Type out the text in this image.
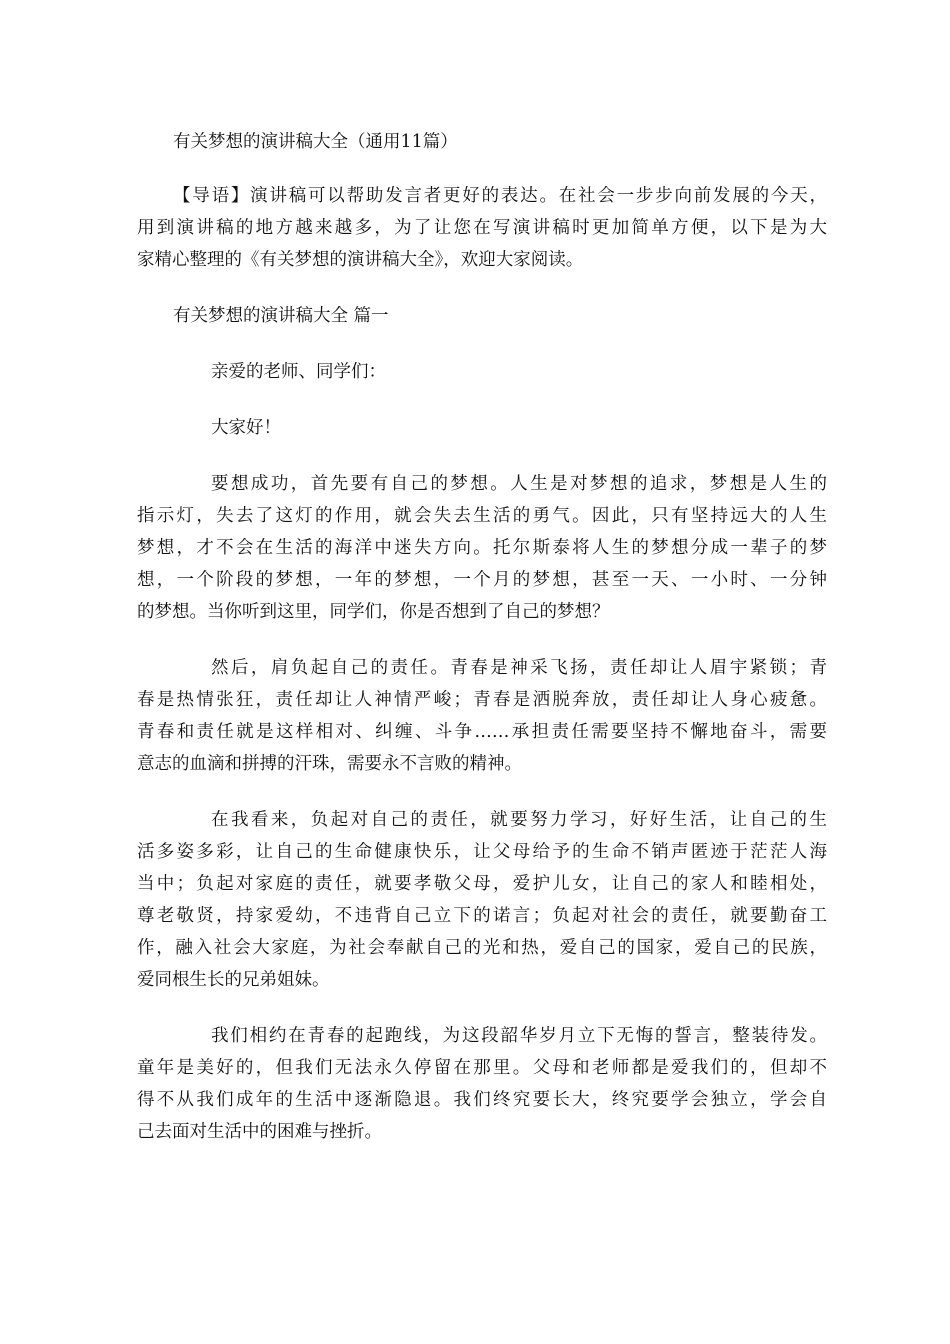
有关梦想的演讲稿大全（通用11篇）

【导语】演讲稿可以帮助发言者更好的表达。在社会一步步向前发展的今天，

用到演讲稿的地方越来越多，为了让您在写演讲稿时更加简单方便，以下是为大

家精心整理的《有关梦想的演讲稿大全》，欢迎大家阅读。

有关梦想的演讲稿大全 篇一

亲爱的老师、同学们：

大家好！

要想成功，首先要有自己的梦想。人生是对梦想的追求，梦想是人生的

指示灯，失去了这灯的作用，就会失去生活的勇气。因此，只有坚持远大的人生

梦想，才不会在生活的海洋中迷失方向。托尔斯泰将人生的梦想分成一辈子的梦

想，一个阶段的梦想，一年的梦想，一个月的梦想，甚至一天、一小时、一分钟

的梦想。当你听到这里，同学们，你是否想到了自己的梦想？

然后，肩负起自己的责任。青春是神采飞扬，责任却让人眉宇紧锁；青

春是热情张狂，责任却让人神情严峻；青春是洒脱奔放，责任却让人身心疲惫。

青春和责任就是这样相对、纠缠、斗争……承担责任需要坚持不懈地奋斗，需要

意志的血滴和拼搏的汗珠，需要永不言败的精神。

在我看来，负起对自己的责任，就要努力学习，好好生活，让自己的生

活多姿多彩，让自己的生命健康快乐，让父母给予的生命不销声匿迹于茫茫人海

当中；负起对家庭的责任，就要孝敬父母，爱护儿女，让自己的家人和睦相处，

尊老敬贤，持家爱幼，不违背自己立下的诺言；负起对社会的责任，就要勤奋工

作，融入社会大家庭，为社会奉献自己的光和热，爱自己的国家，爱自己的民族，

爱同根生长的兄弟姐妹。

我们相约在青春的起跑线，为这段韶华岁月立下无悔的誓言，整装待发。

童年是美好的，但我们无法永久停留在那里。父母和老师都是爱我们的，但却不

得不从我们成年的生活中逐渐隐退。我们终究要长大，终究要学会独立，学会自

己去面对生活中的困难与挫折。
